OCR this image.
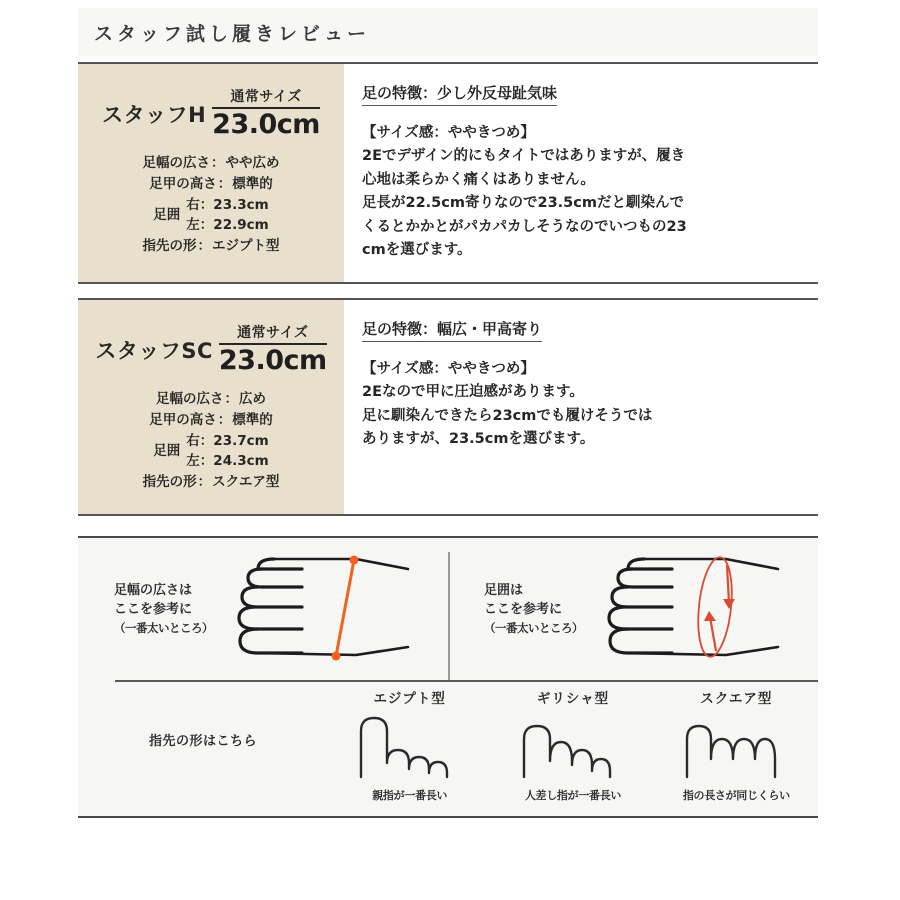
スタッフ試し履きレビュー
スタッフH
通常サイズ
23.0cm
足幅の広さ ： やや広め
足甲の高さ ： 標準的
足囲
右：23.3cm
左：22.9cm
指先の形 ： エジプト型
足の特徴：少し外反母趾気味
【サイズ感：ややきつめ】
2Eでデザイン的にもタイトではありますが、履き
心地は柔らかく痛くはありません。
足長が22.5cm寄りなので23.5cmだと馴染んで
くるとかかとがパカパカしそうなのでいつもの23
cmを選びます。
スタッフSC
通常サイズ
23.0cm
足幅の広さ ： 広め
足甲の高さ ： 標準的
足囲
右：23.7cm
左：24.3cm
指先の形 ： スクエア型
足の特徴：幅広・甲高寄り
【サイズ感：ややきつめ】
2Eなので甲に圧迫感があります。
足に馴染んできたら23cmでも履けそうでは
ありますが、23.5cmを選びます。
足幅の広さは
ここを参考に
（一番太いところ）
足囲は
ここを参考に
（一番太いところ）
指先の形はこちら
エジプト型
親指が一番長い
ギリシャ型
人差し指が一番長い
スクエア型
指の長さが同じくらい
